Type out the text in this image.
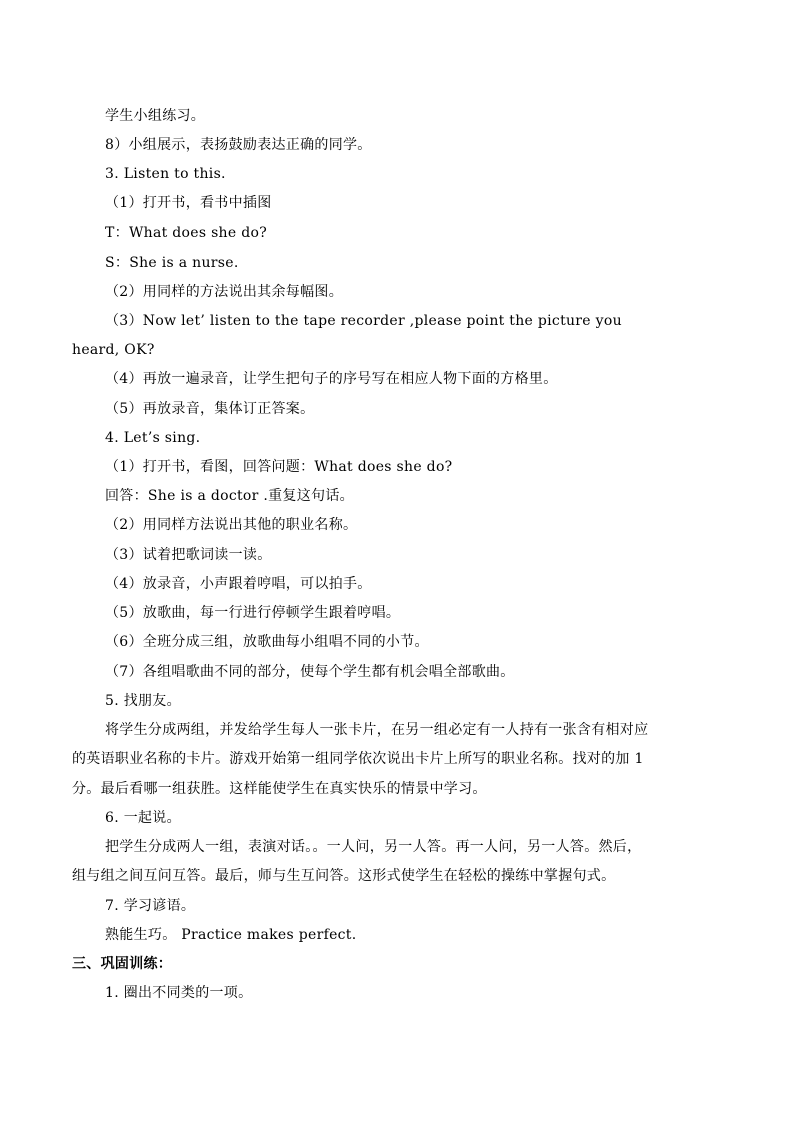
学生小组练习。
8）小组展示，表扬鼓励表达正确的同学。
3. Listen to this.
（1）打开书，看书中插图
T：What does she do?
S：She is a nurse.
（2）用同样的方法说出其余每幅图。
（3）Now let’ listen to the tape recorder ,please point the picture you
heard, OK?
（4）再放一遍录音，让学生把句子的序号写在相应人物下面的方格里。
（5）再放录音，集体订正答案。
4. Let’s sing.
（1）打开书，看图，回答问题：What does she do?
回答：She is a doctor .重复这句话。
（2）用同样方法说出其他的职业名称。
（3）试着把歌词读一读。
（4）放录音，小声跟着哼唱，可以拍手。
（5）放歌曲，每一行进行停顿学生跟着哼唱。
（6）全班分成三组，放歌曲每小组唱不同的小节。
（7）各组唱歌曲不同的部分，使每个学生都有机会唱全部歌曲。
5. 找朋友。
将学生分成两组，并发给学生每人一张卡片，在另一组必定有一人持有一张含有相对应
的英语职业名称的卡片。游戏开始第一组同学依次说出卡片上所写的职业名称。找对的加 1
分。最后看哪一组获胜。这样能使学生在真实快乐的情景中学习。
6. 一起说。
把学生分成两人一组，表演对话。。一人问，另一人答。再一人问，另一人答。然后，
组与组之间互问互答。最后，师与生互问答。这形式使学生在轻松的操练中掌握句式。
7. 学习谚语。
熟能生巧。 Practice makes perfect.
三、巩固训练：
1. 圈出不同类的一项。
